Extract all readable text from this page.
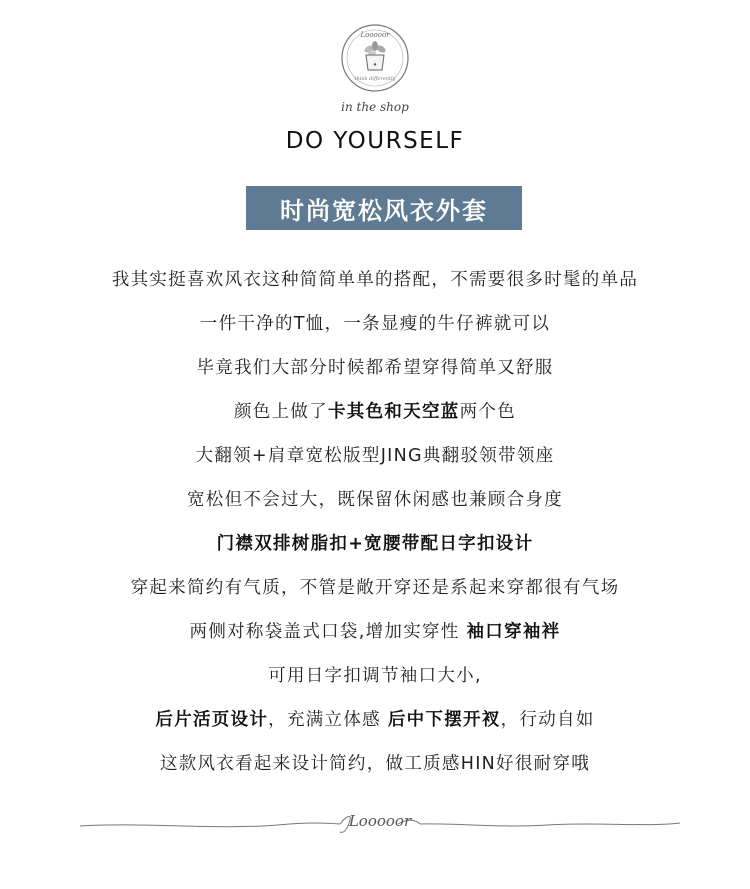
♦
Looooor
think differently
in the shop
DO YOURSELF
时尚宽松风衣外套
我其实挺喜欢风衣这种简简单单的搭配，不需要很多时髦的单品
一件干净的T恤，一条显瘦的牛仔裤就可以
毕竟我们大部分时候都希望穿得简单又舒服
颜色上做了卡其色和天空蓝两个色
大翻领+肩章宽松版型JING典翻驳领带领座
宽松但不会过大，既保留休闲感也兼顾合身度
门襟双排树脂扣+宽腰带配日字扣设计
穿起来简约有气质，不管是敞开穿还是系起来穿都很有气场
两侧对称袋盖式口袋,增加实穿性 袖口穿袖袢
可用日字扣调节袖口大小,
后片活页设计，充满立体感 后中下摆开衩，行动自如
这款风衣看起来设计简约，做工质感HIN好很耐穿哦
Looooor
